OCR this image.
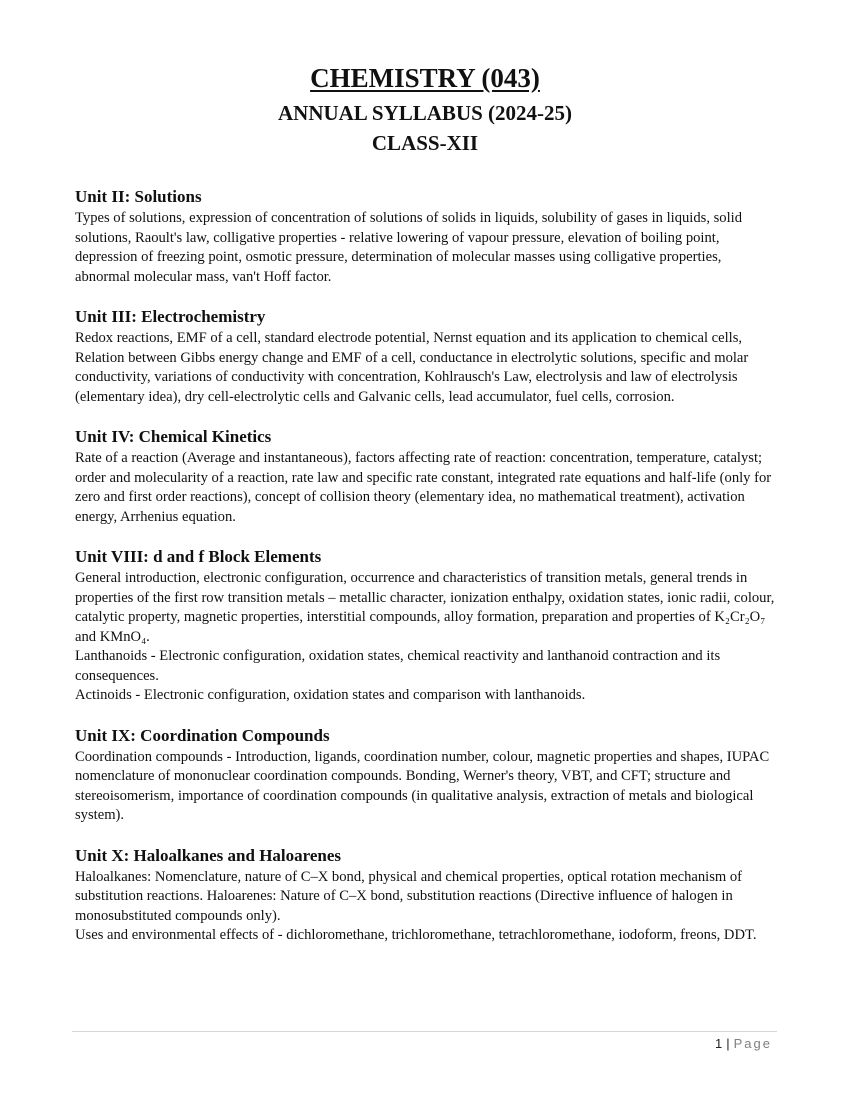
CHEMISTRY (043)
ANNUAL SYLLABUS (2024-25)
CLASS-XII
Unit II: Solutions

Types of solutions, expression of concentration of solutions of solids in liquids, solubility of gases in liquids, solid solutions, Raoult's law, colligative properties - relative lowering of vapour pressure, elevation of boiling point, depression of freezing point, osmotic pressure, determination of molecular masses using colligative properties, abnormal molecular mass, van't Hoff factor.

Unit III: Electrochemistry

Redox reactions, EMF of a cell, standard electrode potential, Nernst equation and its application to chemical cells, Relation between Gibbs energy change and EMF of a cell, conductance in electrolytic solutions, specific and molar conductivity, variations of conductivity with concentration, Kohlrausch's Law, electrolysis and law of electrolysis (elementary idea), dry cell-electrolytic cells and Galvanic cells, lead accumulator, fuel cells, corrosion.

Unit IV: Chemical Kinetics

Rate of a reaction (Average and instantaneous), factors affecting rate of reaction: concentration, temperature, catalyst; order and molecularity of a reaction, rate law and specific rate constant, integrated rate equations and half-life (only for zero and first order reactions), concept of collision theory (elementary idea, no mathematical treatment), activation energy, Arrhenius equation.

Unit VIII: d and f Block Elements

General introduction, electronic configuration, occurrence and characteristics of transition metals, general trends in properties of the first row transition metals – metallic character, ionization enthalpy, oxidation states, ionic radii, colour, catalytic property, magnetic properties, interstitial compounds, alloy formation, preparation and properties of K₂Cr₂O₇ and KMnO₄.

Lanthanoids - Electronic configuration, oxidation states, chemical reactivity and lanthanoid contraction and its consequences.

Actinoids - Electronic configuration, oxidation states and comparison with lanthanoids.

Unit IX: Coordination Compounds

Coordination compounds - Introduction, ligands, coordination number, colour, magnetic properties and shapes, IUPAC nomenclature of mononuclear coordination compounds. Bonding, Werner's theory, VBT, and CFT; structure and stereoisomerism, importance of coordination compounds (in qualitative analysis, extraction of metals and biological system).

Unit X: Haloalkanes and Haloarenes

Haloalkanes: Nomenclature, nature of C–X bond, physical and chemical properties, optical rotation mechanism of substitution reactions. Haloarenes: Nature of C–X bond, substitution reactions (Directive influence of halogen in monosubstituted compounds only).

Uses and environmental effects of - dichloromethane, trichloromethane, tetrachloromethane, iodoform, freons, DDT.

1 | Page
